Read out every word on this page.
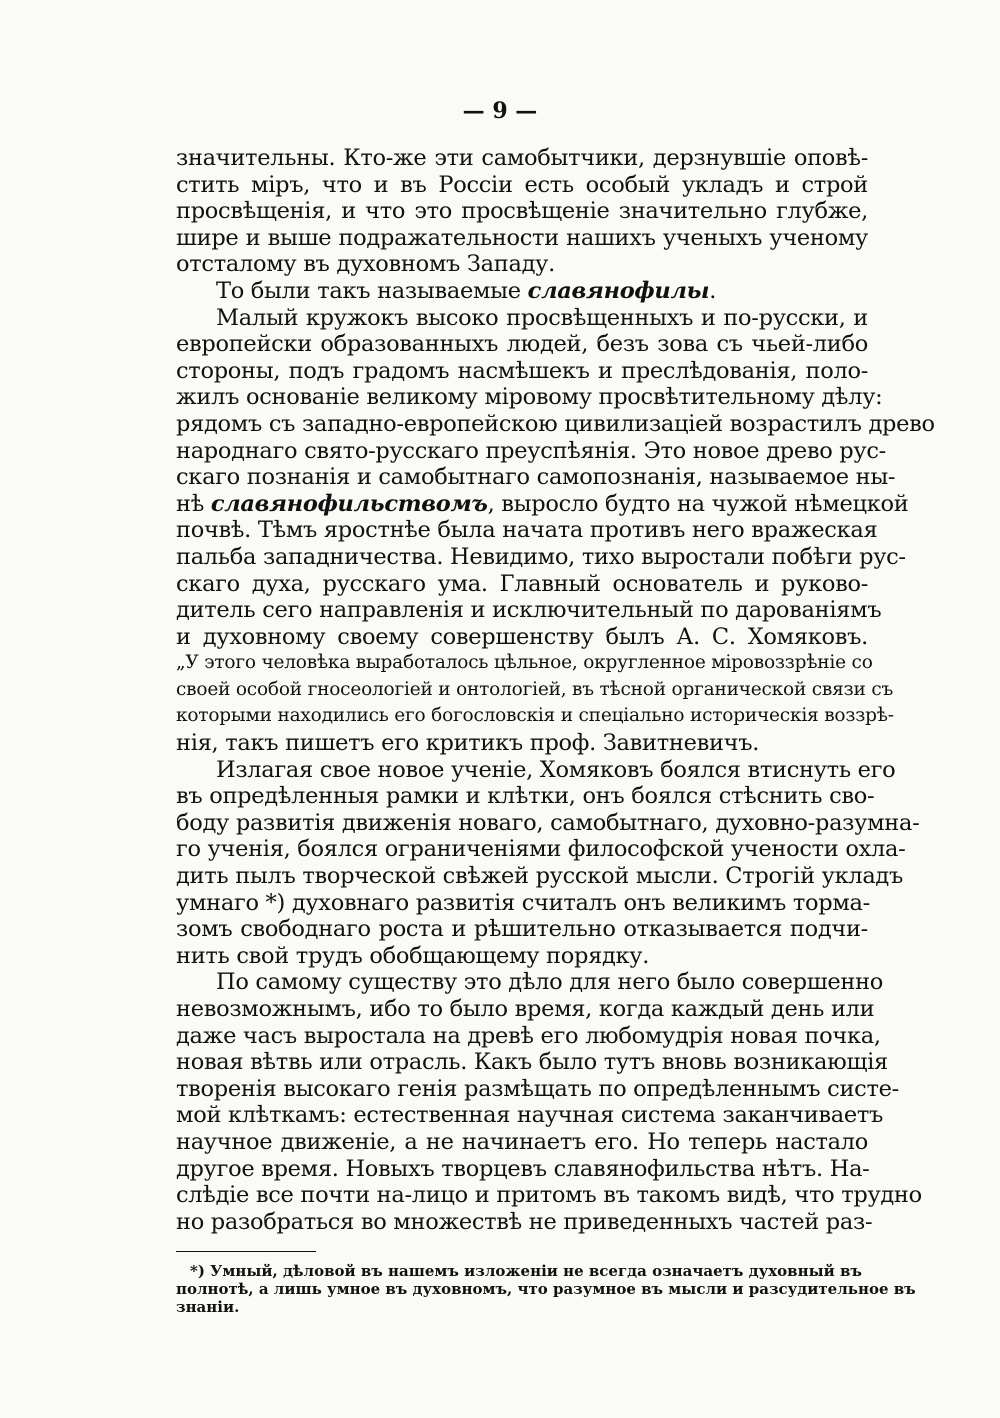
— 9 —
значительны. Кто-же эти самобытчики, дерзнувшіе оповѣ-
стить міръ, что и въ Россіи есть особый укладъ и строй
просвѣщенія, и что это просвѣщеніе значительно глубже,
шире и выше подражательности нашихъ ученыхъ ученому
отсталому въ духовномъ Западу.
То были такъ называемые славянофилы.
Малый кружокъ высоко просвѣщенныхъ и по-русски, и
европейски образованныхъ людей, безъ зова съ чьей-либо
стороны, подъ градомъ насмѣшекъ и преслѣдованія, поло-
жилъ основаніе великому міровому просвѣтительному дѣлу:
рядомъ съ западно-европейскою цивилизаціей возрастилъ древо
народнаго свято-русскаго преуспѣянія. Это новое древо рус-
скаго познанія и самобытнаго самопознанія, называемое ны-
нѣ славянофильствомъ, выросло будто на чужой нѣмецкой
почвѣ. Тѣмъ яростнѣе была начата противъ него вражеская
пальба западничества. Невидимо, тихо выростали побѣги рус-
скаго духа, русскаго ума. Главный основатель и руково-
дитель сего направленія и исключительный по дарованіямъ
и духовному своему совершенству былъ А. С. Хомяковъ.
„У этого человѣка выработалось цѣльное, округленное міровоззрѣніе со
своей особой гносеологіей и онтологіей, въ тѣсной органической связи съ
которыми находились его богословскія и спеціально историческія воззрѣ-
нія, такъ пишетъ его критикъ проф. Завитневичъ.
Излагая свое новое ученіе, Хомяковъ боялся втиснуть его
въ опредѣленныя рамки и клѣтки, онъ боялся стѣснить сво-
боду развитія движенія новаго, самобытнаго, духовно-разумна-
го ученія, боялся ограниченіями философской учености охла-
дить пылъ творческой свѣжей русской мысли. Строгій укладъ
умнаго *) духовнаго развитія считалъ онъ великимъ торма-
зомъ свободнаго роста и рѣшительно отказывается подчи-
нить свой трудъ обобщающему порядку.
По самому существу это дѣло для него было совершенно
невозможнымъ, ибо то было время, когда каждый день или
даже часъ выростала на древѣ его любомудрія новая почка,
новая вѣтвь или отрасль. Какъ было тутъ вновь возникающія
творенія высокаго генія размѣщать по опредѣленнымъ систе-
мой клѣткамъ: естественная научная система заканчиваетъ
научное движеніе, а не начинаетъ его. Но теперь настало
другое время. Новыхъ творцевъ славянофильства нѣтъ. На-
слѣдіе все почти на-лицо и притомъ въ такомъ видѣ, что трудно
но разобраться во множествѣ не приведенныхъ частей раз-
*) Умный, дѣловой въ нашемъ изложеніи не всегда означаетъ духовный въ
полнотѣ, а лишь умное въ духовномъ, что разумное въ мысли и разсудительное въ
знаніи.
